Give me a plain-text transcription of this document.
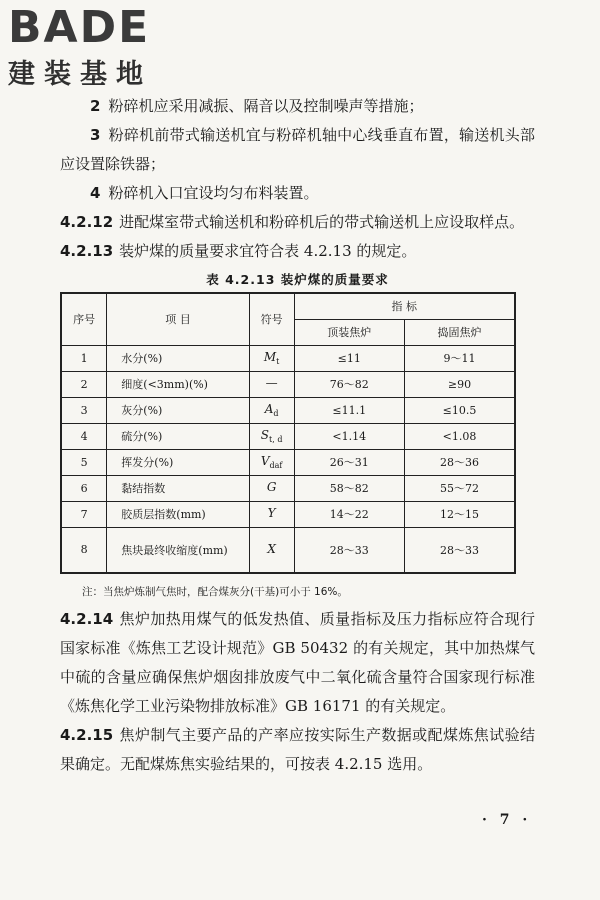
BADE
建装基地

2 粉碎机应采用减振、隔音以及控制噪声等措施；

3 粉碎机前带式输送机宜与粉碎机轴中心线垂直布置，输送机头部应设置除铁器；

4 粉碎机入口宜设均匀布料装置。

4.2.12 进配煤室带式输送机和粉碎机后的带式输送机上应设取样点。

4.2.13 装炉煤的质量要求宜符合表 4.2.13 的规定。

表 4.2.13 装炉煤的质量要求
序号	项 目	符号	指 标	
			顶装焦炉	捣固焦炉
1	水分(%)	$M_t$	≤11	9～11
2	细度(<3mm)(%)	—	76～82	≥90
3	灰分(%)	$A_d$	≤11.1	≤10.5
4	硫分(%)	$S_{t, d}$	<1.14	<1.08
5	挥发分(%)	$V_{daf}$	26～31	28～36
6	黏结指数	G	58～82	55～72
7	胶质层指数(mm)	Y	14～22	12～15
8	焦块最终收缩度(mm)	X	28～33	28～33
注：当焦炉炼制气焦时，配合煤灰分(干基)可小于 16%。

4.2.14 焦炉加热用煤气的低发热值、质量指标及压力指标应符合现行国家标准《炼焦工艺设计规范》GB 50432 的有关规定，其中加热煤气中硫的含量应确保焦炉烟囱排放废气中二氧化硫含量符合国家现行标准《炼焦化学工业污染物排放标准》GB 16171 的有关规定。

4.2.15 焦炉制气主要产品的产率应按实际生产数据或配煤炼焦试验结果确定。无配煤炼焦实验结果的，可按表 4.2.15 选用。

· 7 ·
